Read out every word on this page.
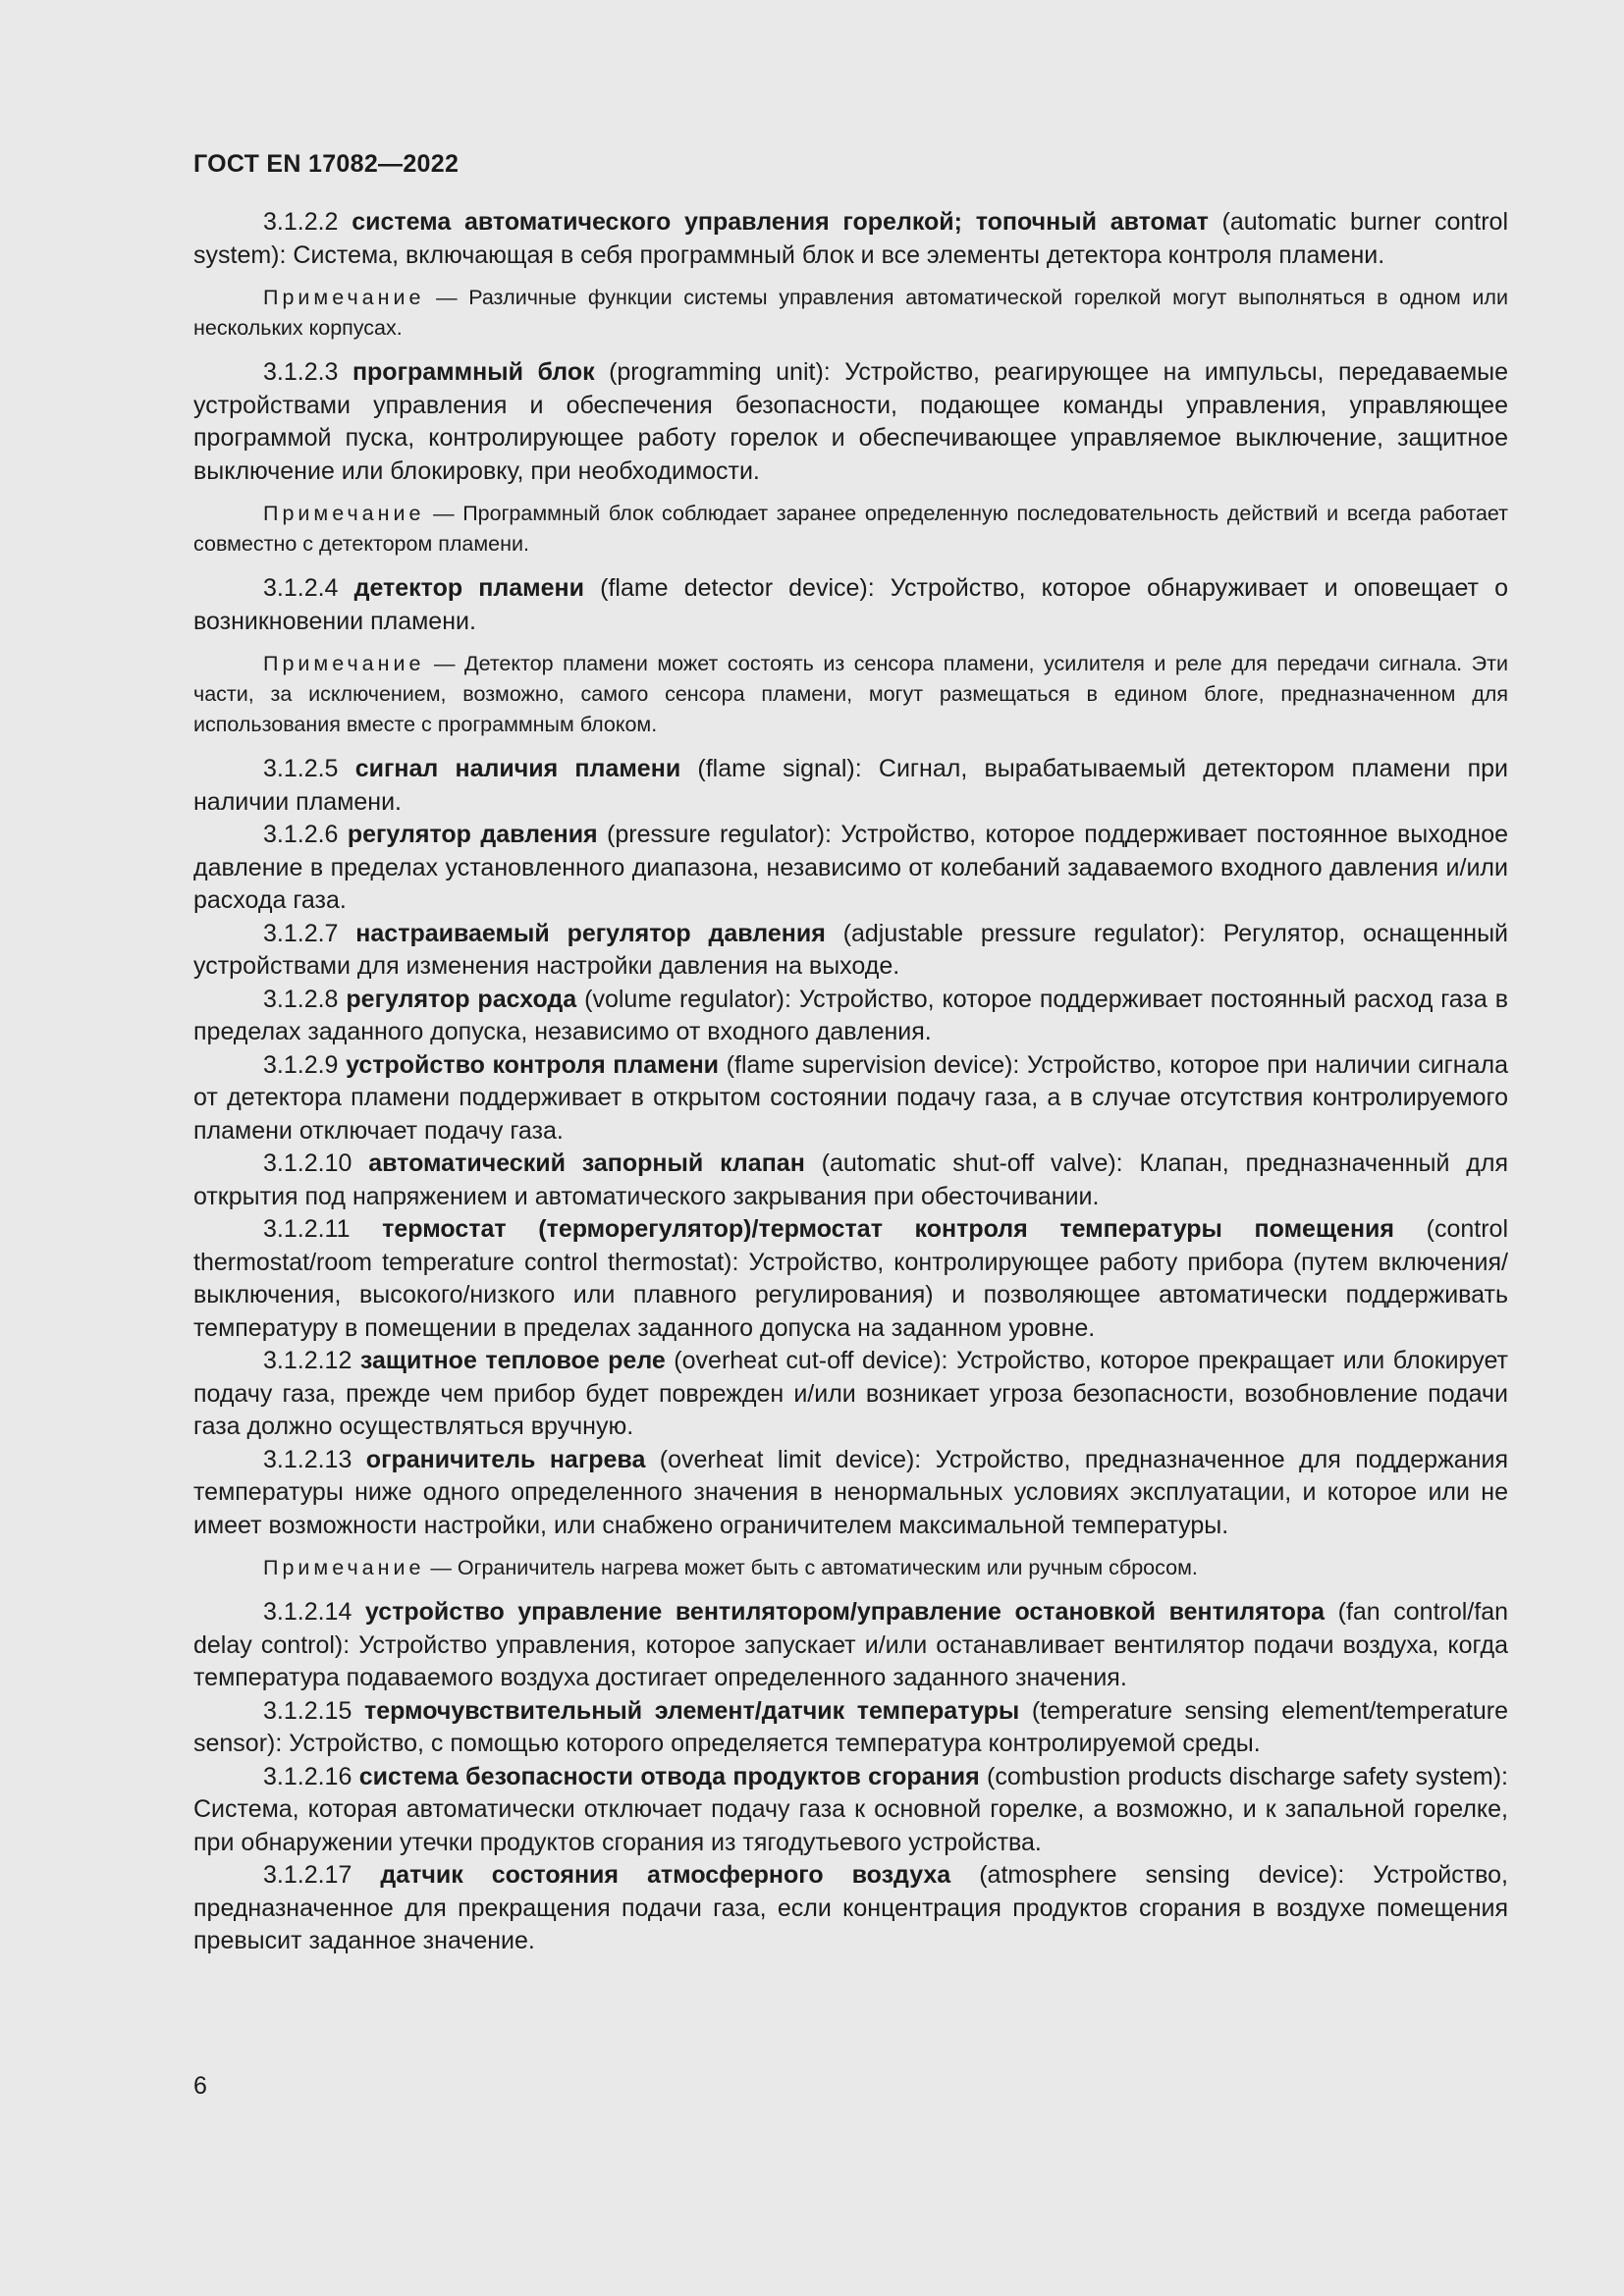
ГОСТ EN 17082—2022

3.1.2.2 система автоматического управления горелкой; топочный автомат (automatic burner control system): Система, включающая в себя программный блок и все элементы детектора контроля пламени.

Примечание — Различные функции системы управления автоматической горелкой могут выполняться в одном или нескольких корпусах.

3.1.2.3 программный блок (programming unit): Устройство, реагирующее на импульсы, передаваемые устройствами управления и обеспечения безопасности, подающее команды управления, управляющее программой пуска, контролирующее работу горелок и обеспечивающее управляемое выключение, защитное выключение или блокировку, при необходимости.

Примечание — Программный блок соблюдает заранее определенную последовательность действий и всегда работает совместно с детектором пламени.

3.1.2.4 детектор пламени (flame detector device): Устройство, которое обнаруживает и оповещает о возникновении пламени.

Примечание — Детектор пламени может состоять из сенсора пламени, усилителя и реле для передачи сигнала. Эти части, за исключением, возможно, самого сенсора пламени, могут размещаться в едином блоге, предназначенном для использования вместе с программным блоком.

3.1.2.5 сигнал наличия пламени (flame signal): Сигнал, вырабатываемый детектором пламени при наличии пламени.

3.1.2.6 регулятор давления (pressure regulator): Устройство, которое поддерживает постоянное выходное давление в пределах установленного диапазона, независимо от колебаний задаваемого входного давления и/или расхода газа.

3.1.2.7 настраиваемый регулятор давления (adjustable pressure regulator): Регулятор, оснащенный устройствами для изменения настройки давления на выходе.

3.1.2.8 регулятор расхода (volume regulator): Устройство, которое поддерживает постоянный расход газа в пределах заданного допуска, независимо от входного давления.

3.1.2.9 устройство контроля пламени (flame supervision device): Устройство, которое при наличии сигнала от детектора пламени поддерживает в открытом состоянии подачу газа, а в случае отсутствия контролируемого пламени отключает подачу газа.

3.1.2.10 автоматический запорный клапан (automatic shut-off valve): Клапан, предназначенный для открытия под напряжением и автоматического закрывания при обесточивании.

3.1.2.11 термостат (терморегулятор)/термостат контроля температуры помещения (control thermostat/room temperature control thermostat): Устройство, контролирующее работу прибора (путем включения/выключения, высокого/низкого или плавного регулирования) и позволяющее автоматически поддерживать температуру в помещении в пределах заданного допуска на заданном уровне.

3.1.2.12 защитное тепловое реле (overheat cut-off device): Устройство, которое прекращает или блокирует подачу газа, прежде чем прибор будет поврежден и/или возникает угроза безопасности, возобновление подачи газа должно осуществляться вручную.

3.1.2.13 ограничитель нагрева (overheat limit device): Устройство, предназначенное для поддержания температуры ниже одного определенного значения в ненормальных условиях эксплуатации, и которое или не имеет возможности настройки, или снабжено ограничителем максимальной температуры.

Примечание — Ограничитель нагрева может быть с автоматическим или ручным сбросом.

3.1.2.14 устройство управление вентилятором/управление остановкой вентилятора (fan control/fan delay control): Устройство управления, которое запускает и/или останавливает вентилятор подачи воздуха, когда температура подаваемого воздуха достигает определенного заданного значения.

3.1.2.15 термочувствительный элемент/датчик температуры (temperature sensing element/temperature sensor): Устройство, с помощью которого определяется температура контролируемой среды.

3.1.2.16 система безопасности отвода продуктов сгорания (combustion products discharge safety system): Система, которая автоматически отключает подачу газа к основной горелке, а возможно, и к запальной горелке, при обнаружении утечки продуктов сгорания из тягодутьевого устройства.

3.1.2.17 датчик состояния атмосферного воздуха (atmosphere sensing device): Устройство, предназначенное для прекращения подачи газа, если концентрация продуктов сгорания в воздухе помещения превысит заданное значение.

6
